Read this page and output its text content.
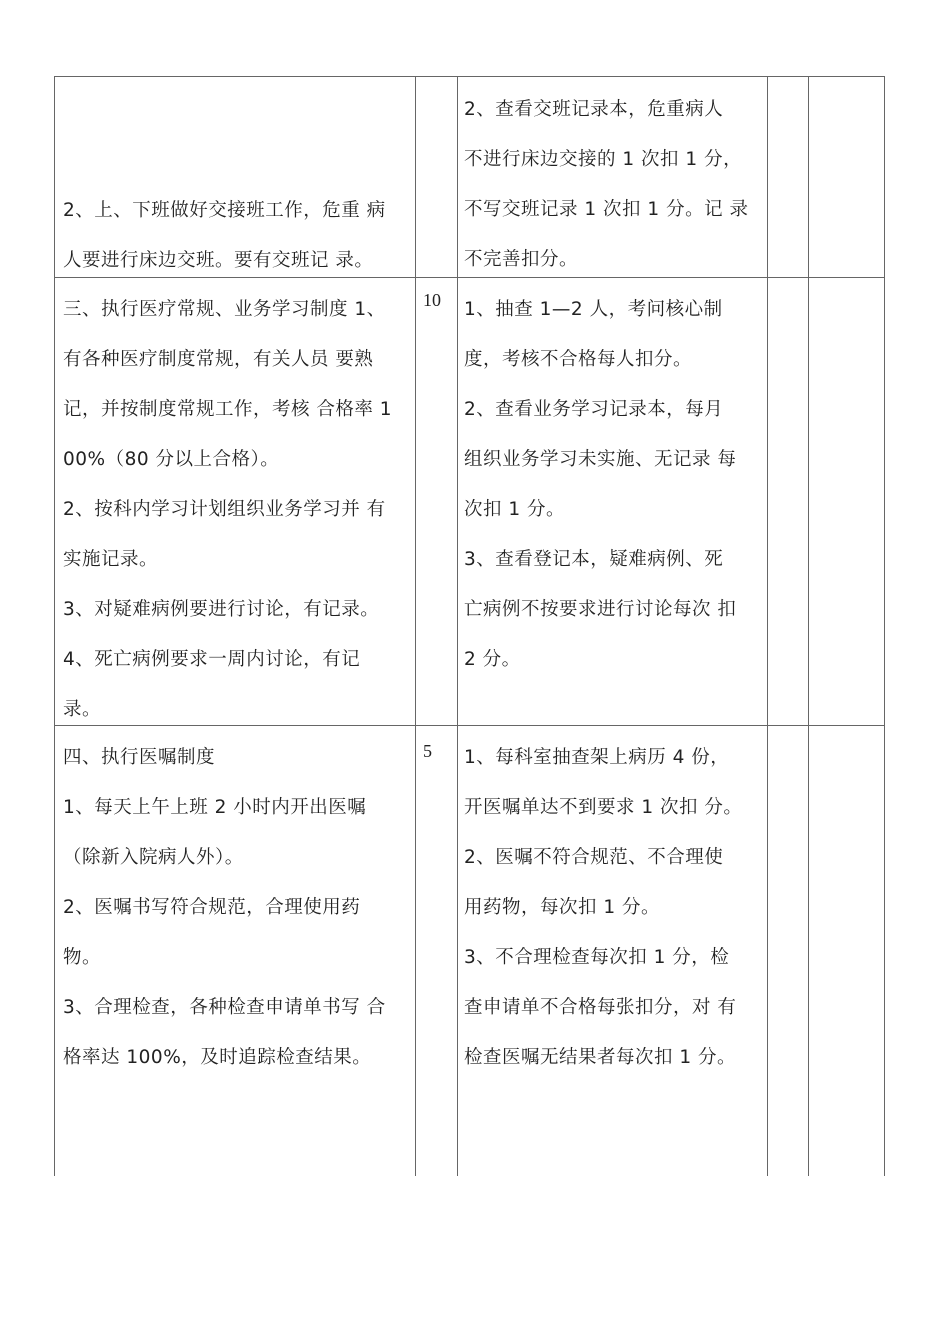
2、上、下班做好交接班工作，危重 病

人要进行床边交班。要有交班记 录。

2、查看交班记录本，危重病人

不进行床边交接的 1 次扣 1 分，

不写交班记录 1 次扣 1 分。记 录

不完善扣分。

三、执行医疗常规、业务学习制度 1、

有各种医疗制度常规，有关人员 要熟

记，并按制度常规工作，考核 合格率 1

00%（80 分以上合格）。

2、按科内学习计划组织业务学习并 有

实施记录。

3、对疑难病例要进行讨论，有记录。

4、死亡病例要求一周内讨论，有记

录。

10 1、抽查 1—2 人，考问核心制

度，考核不合格每人扣分。

2、查看业务学习记录本，每月

组织业务学习未实施、无记录 每

次扣 1 分。

3、查看登记本，疑难病例、死

亡病例不按要求进行讨论每次 扣

2 分。

四、执行医嘱制度

1、每天上午上班 2 小时内开出医嘱

（除新入院病人外）。

2、医嘱书写符合规范，合理使用药

物。

3、合理检查，各种检查申请单书写 合

格率达 100%，及时追踪检查结果。

5 1、每科室抽查架上病历 4 份，

开医嘱单达不到要求 1 次扣 分。

2、医嘱不符合规范、不合理使

用药物，每次扣 1 分。

3、不合理检查每次扣 1 分，检

查申请单不合格每张扣分，对 有

检查医嘱无结果者每次扣 1 分。
